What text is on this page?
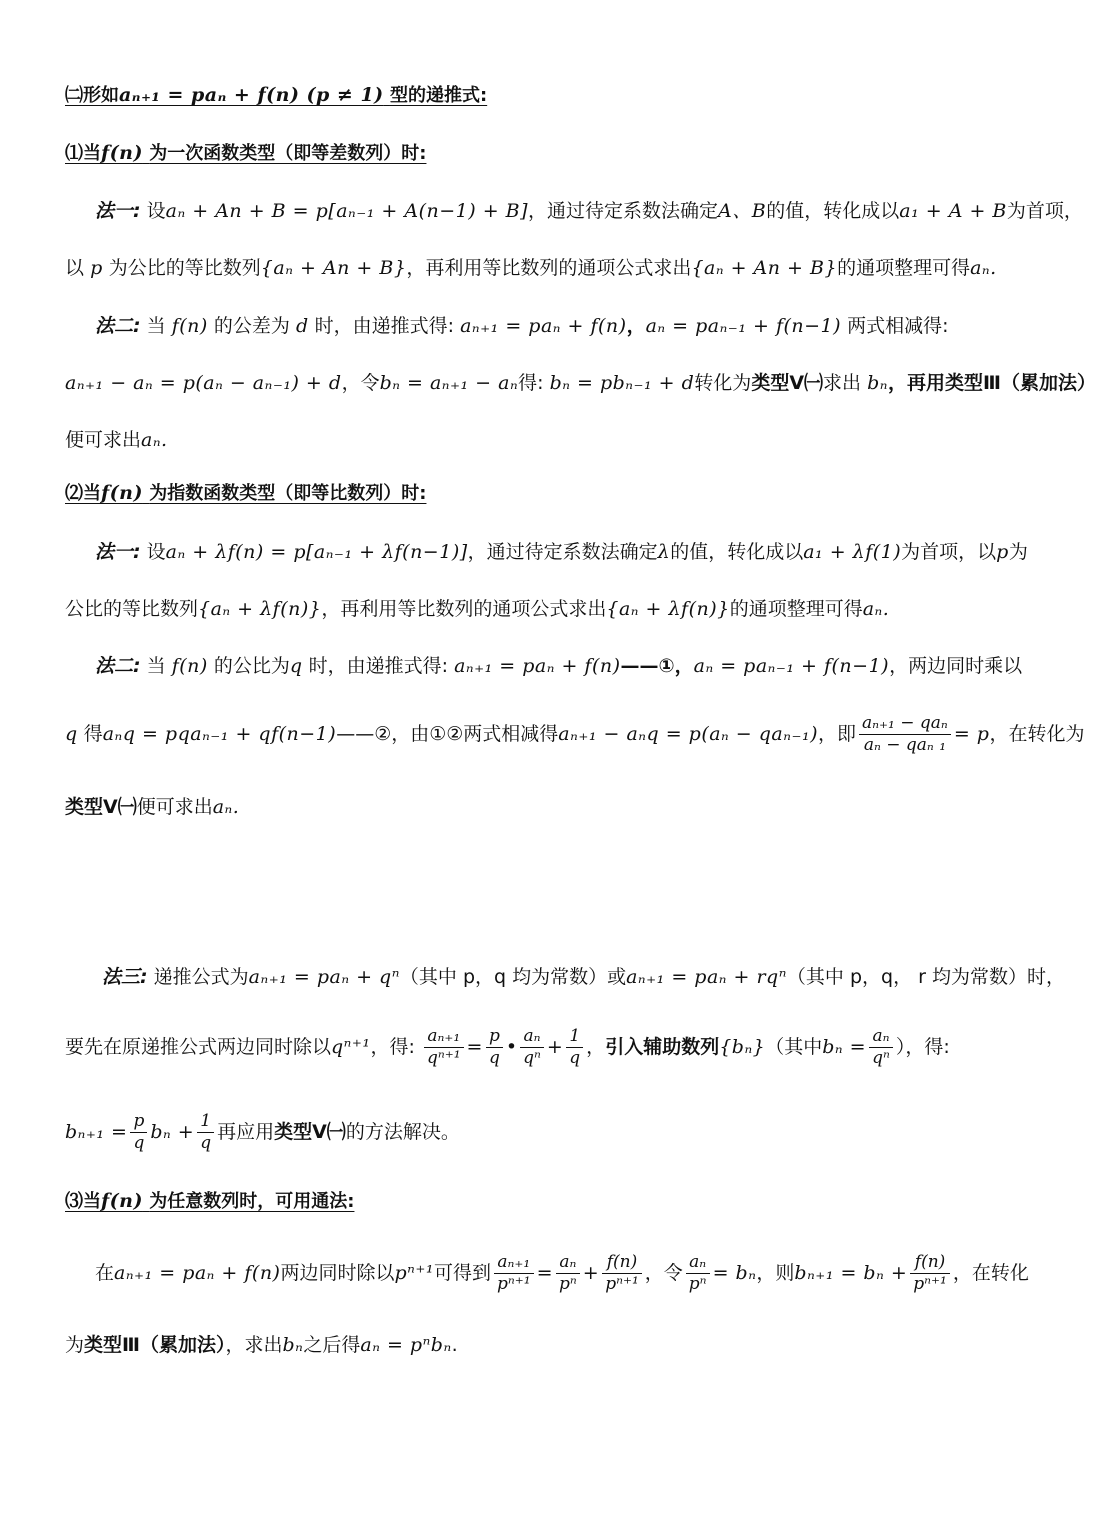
㈡形如aₙ₊₁ = paₙ + f(n) (p ≠ 1) 型的递推式:
⑴当f(n) 为一次函数类型（即等差数列）时:
法一: 设aₙ + An + B = p[aₙ₋₁ + A(n−1) + B]，通过待定系数法确定A、B的值，转化成以a₁ + A + B为首项，
以 p 为公比的等比数列{aₙ + An + B}，再利用等比数列的通项公式求出{aₙ + An + B}的通项整理可得aₙ.
法二: 当 f(n) 的公差为 d 时，由递推式得: aₙ₊₁ = paₙ + f(n)，aₙ = paₙ₋₁ + f(n−1) 两式相减得:
aₙ₊₁ − aₙ = p(aₙ − aₙ₋₁) + d，令bₙ = aₙ₊₁ − aₙ得: bₙ = pbₙ₋₁ + d转化为类型Ⅴ㈠求出 bₙ，再用类型Ⅲ（累加法）
便可求出aₙ.
⑵当f(n) 为指数函数类型（即等比数列）时:
法一: 设aₙ + λf(n) = p[aₙ₋₁ + λf(n−1)]，通过待定系数法确定λ的值，转化成以a₁ + λf(1)为首项，以p为
公比的等比数列{aₙ + λf(n)}，再利用等比数列的通项公式求出{aₙ + λf(n)}的通项整理可得aₙ.
法二: 当 f(n) 的公比为q 时，由递推式得: aₙ₊₁ = paₙ + f(n)——①，aₙ = paₙ₋₁ + f(n−1)，两边同时乘以
q 得aₙq = pqaₙ₋₁ + qf(n−1)——②，由①②两式相减得aₙ₊₁ − aₙq = p(aₙ − qaₙ₋₁)，即 $\frac{\text{aₙ₊₁ − qaₙ}}{\text{aₙ − qaₙ ₁}} = p$，在转化为
类型Ⅴ㈠便可求出aₙ.
法三: 递推公式为aₙ₊₁ = paₙ + qⁿ（其中 p，q 均为常数）或aₙ₊₁ = paₙ + rqⁿ（其中 p，q， r 均为常数）时，
要先在原递推公式两边同时除以qⁿ⁺¹，得: $\frac{\text{aₙ₊₁}}{\text{qⁿ⁺¹}} = \frac{p}{q}$ • $\frac{\text{aₙ}}{\text{qⁿ}} + \frac{1}{q}$ ，引入辅助数列{bₙ}（其中$b_n = \frac{\text{aₙ}}{\text{qⁿ}}$ ），得:
$b_{n+1} = \frac{p}{q}$ $b_n + \frac{1}{q}$ 再应用类型Ⅴ㈠的方法解决。
⑶当f(n) 为任意数列时，可用通法:
在aₙ₊₁ = paₙ + f(n)两边同时除以pⁿ⁺¹可得到 $\frac{\text{aₙ₊₁}}{\text{pⁿ⁺¹}} = \frac{\text{aₙ}}{\text{pⁿ}} + \frac{f(n)}{\text{pⁿ⁺¹}}$ ，令 $\frac{\text{aₙ}}{\text{pⁿ}} = b_n$，则$b_{n+1} = b_n + \frac{f(n)}{\text{pⁿ⁺¹}}$ ，在转化
为类型Ⅲ（累加法），求出bₙ之后得aₙ = pⁿbₙ.
